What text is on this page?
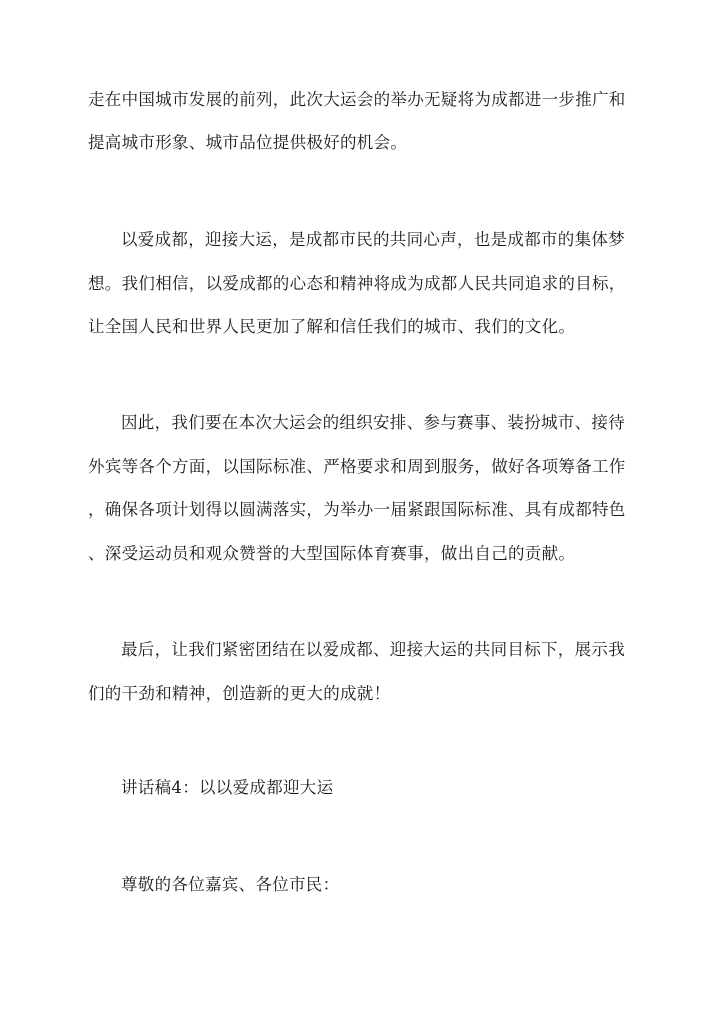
走在中国城市发展的前列，此次大运会的举办无疑将为成都进一步推广和
提高城市形象、城市品位提供极好的机会。
以爱成都，迎接大运，是成都市民的共同心声，也是成都市的集体梦
想。我们相信，以爱成都的心态和精神将成为成都人民共同追求的目标，
让全国人民和世界人民更加了解和信任我们的城市、我们的文化。
因此，我们要在本次大运会的组织安排、参与赛事、装扮城市、接待
外宾等各个方面，以国际标准、严格要求和周到服务，做好各项筹备工作
，确保各项计划得以圆满落实，为举办一届紧跟国际标准、具有成都特色
、深受运动员和观众赞誉的大型国际体育赛事，做出自己的贡献。
最后，让我们紧密团结在以爱成都、迎接大运的共同目标下，展示我
们的干劲和精神，创造新的更大的成就！
讲话稿4：以以爱成都迎大运
尊敬的各位嘉宾、各位市民：
